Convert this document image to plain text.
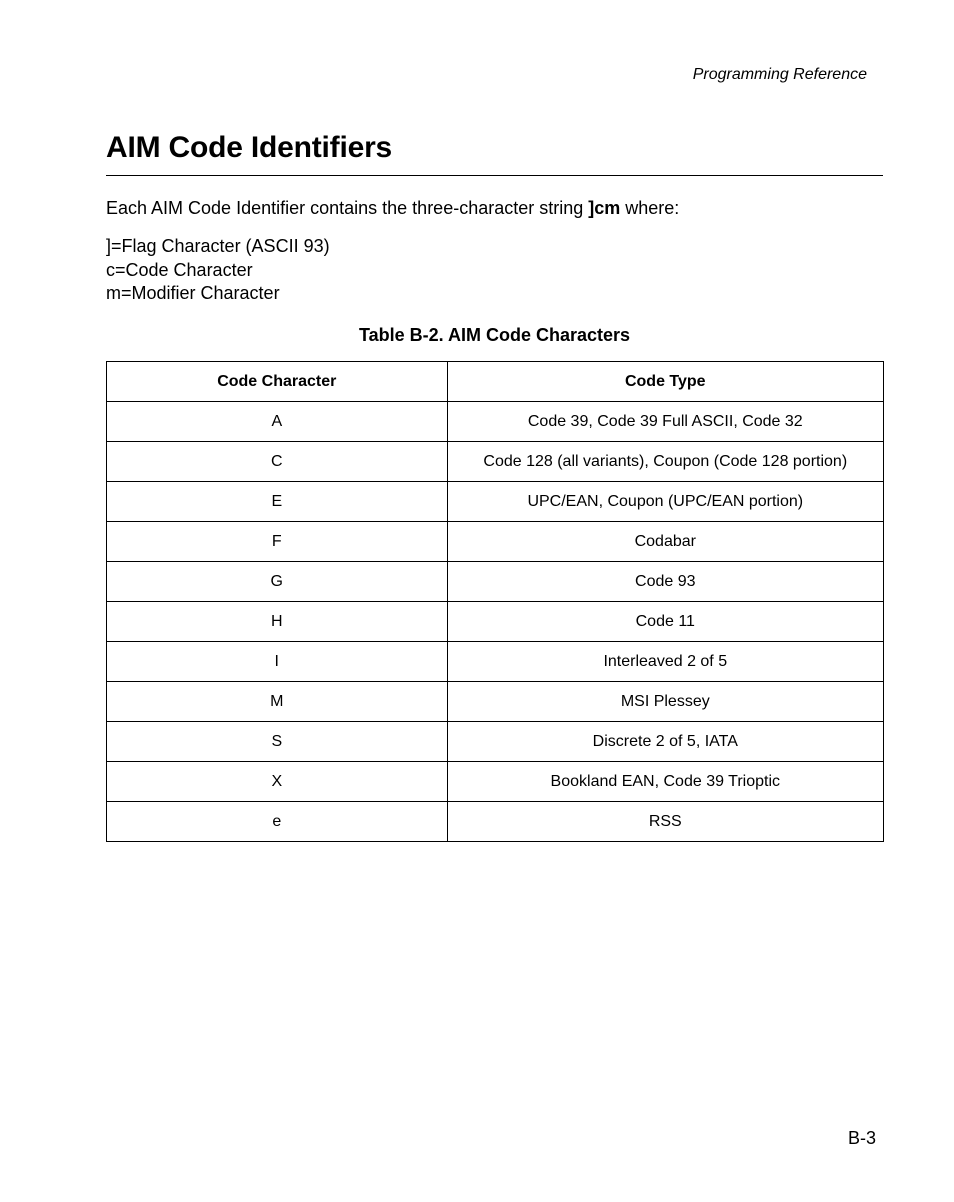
Programming Reference

AIM Code Identifiers

Each AIM Code Identifier contains the three-character string ]cm where:

]=Flag Character (ASCII 93)
c=Code Character
m=Modifier Character

Table B-2. AIM Code Characters

Code Character	Code Type
A	Code 39, Code 39 Full ASCII, Code 32
C	Code 128 (all variants), Coupon (Code 128 portion)
E	UPC/EAN, Coupon (UPC/EAN portion)
F	Codabar
G	Code 93
H	Code 11
I	Interleaved 2 of 5
M	MSI Plessey
S	Discrete 2 of 5, IATA
X	Bookland EAN, Code 39 Trioptic
e	RSS

B-3
